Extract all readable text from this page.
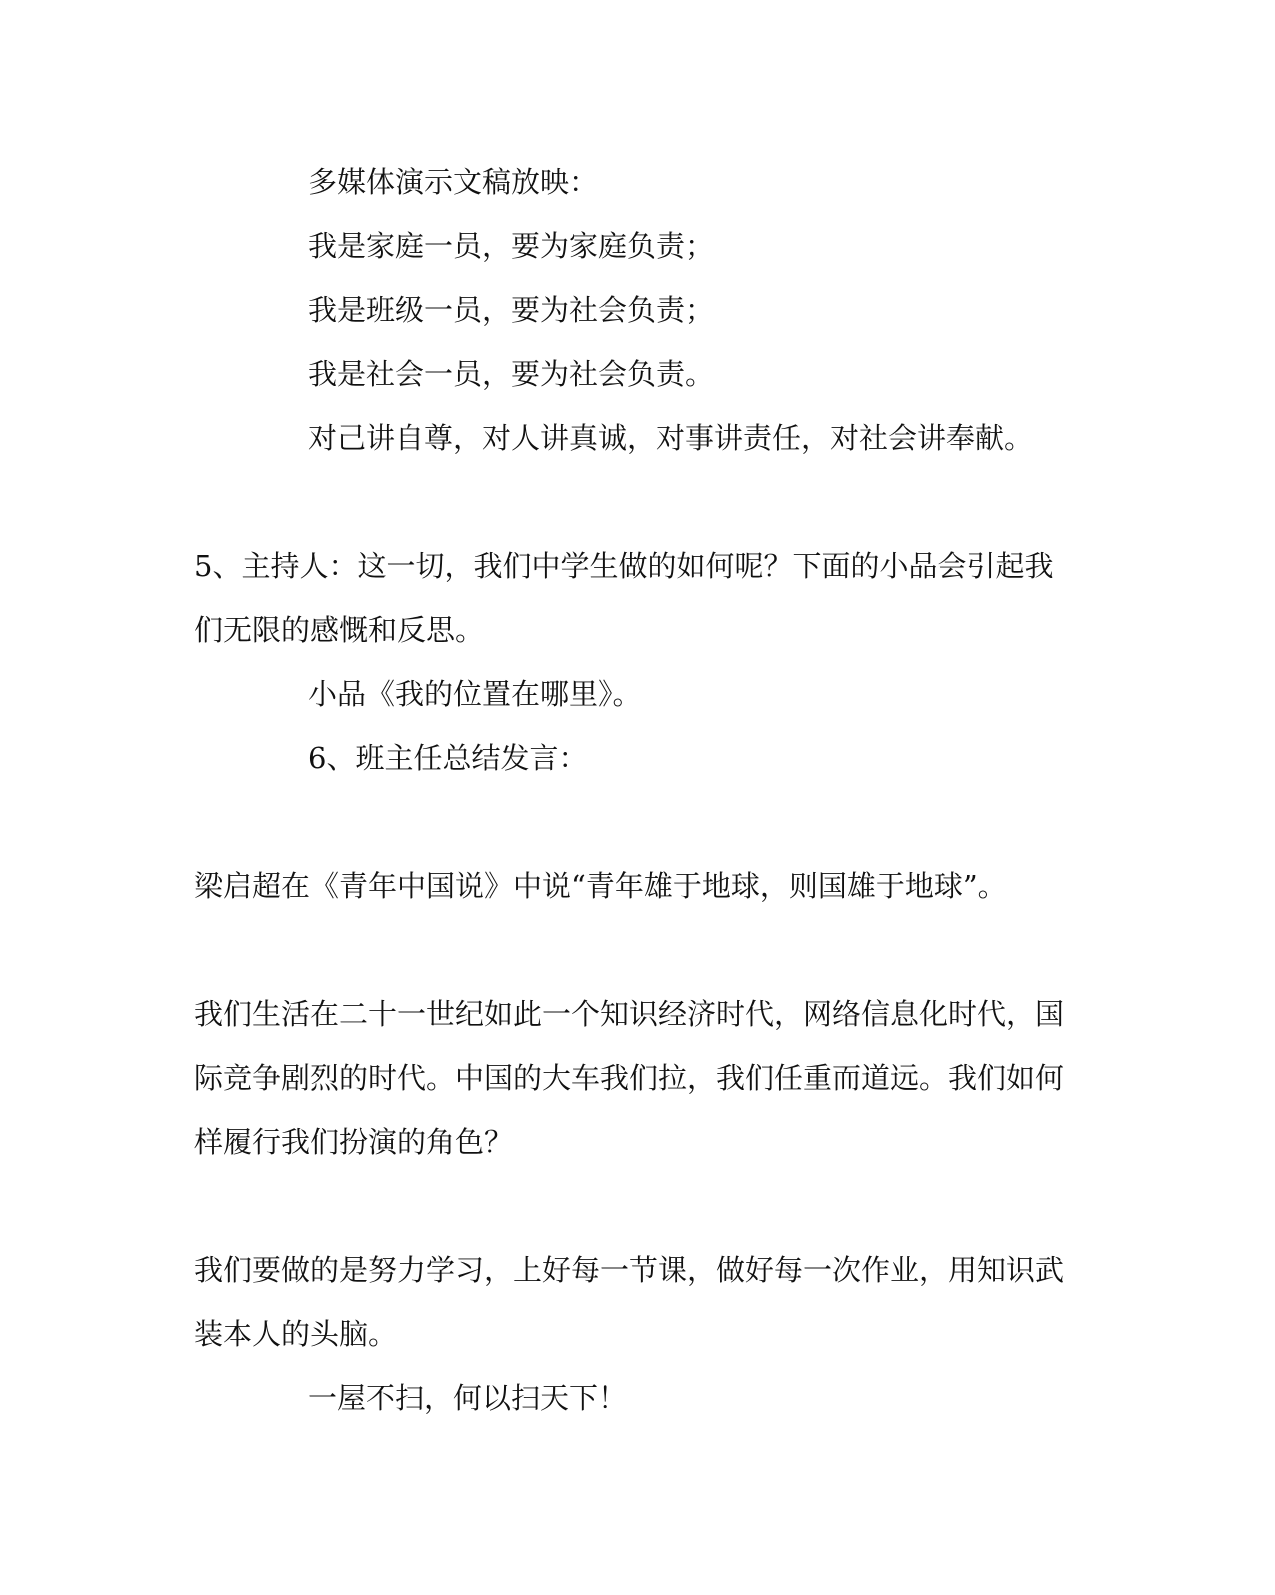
多媒体演示文稿放映：
我是家庭一员，要为家庭负责；
我是班级一员，要为社会负责；
我是社会一员，要为社会负责。
对己讲自尊，对人讲真诚，对事讲责任，对社会讲奉献。
5、主持人：这一切，我们中学生做的如何呢？下面的小品会引起我
们无限的感慨和反思。
小品《我的位置在哪里》。
6、班主任总结发言：
梁启超在《青年中国说》中说“青年雄于地球，则国雄于地球”。
我们生活在二十一世纪如此一个知识经济时代，网络信息化时代，国
际竞争剧烈的时代。中国的大车我们拉，我们任重而道远。我们如何
样履行我们扮演的角色？
我们要做的是努力学习，上好每一节课，做好每一次作业，用知识武
装本人的头脑。
一屋不扫，何以扫天下！
